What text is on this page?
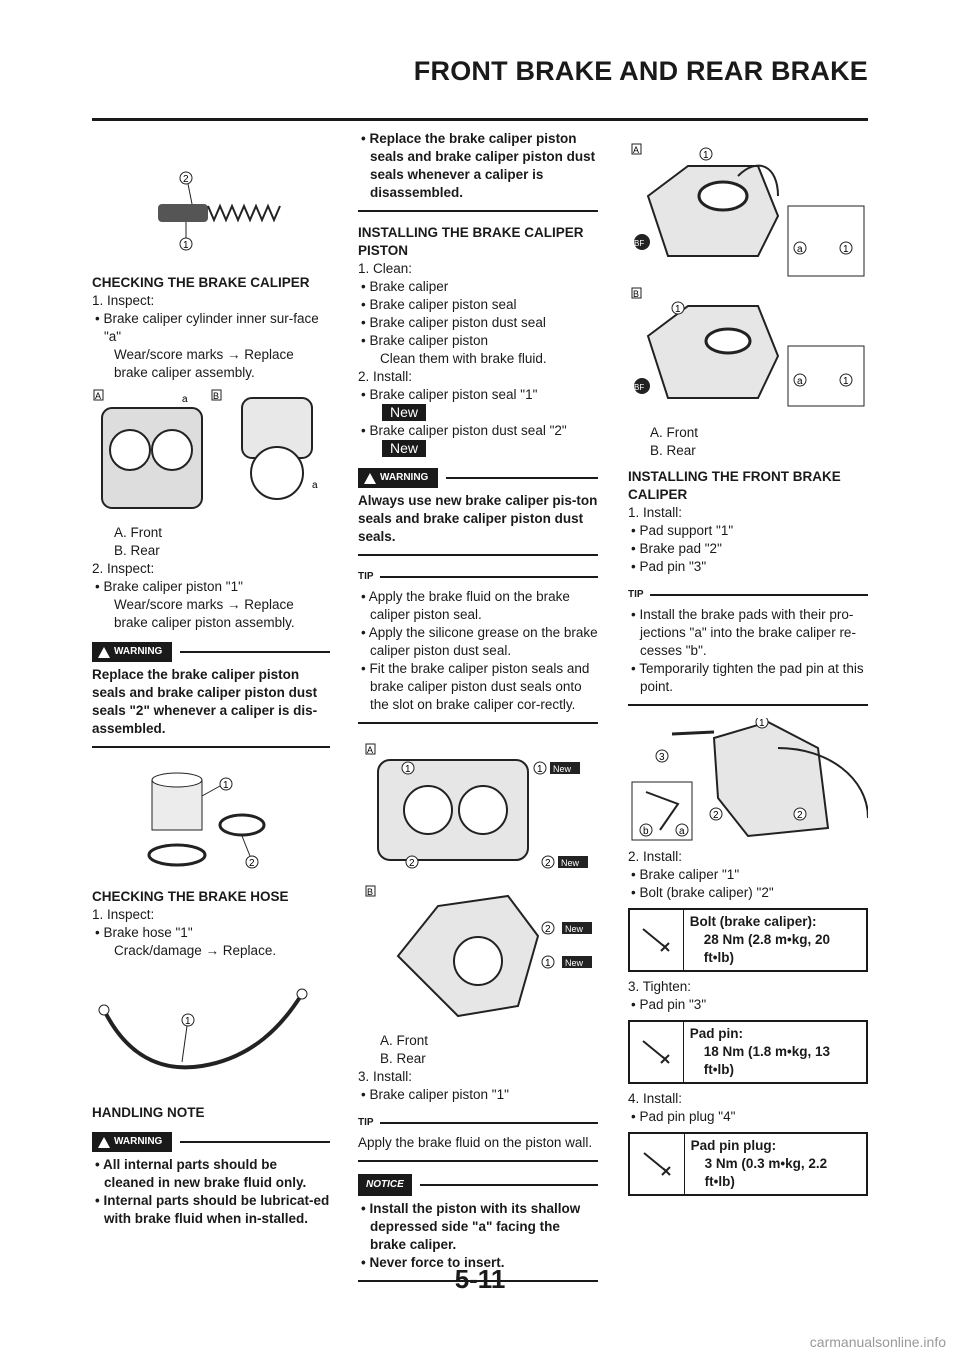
FRONT BRAKE AND REAR BRAKE
2
1
CHECKING THE BRAKE CALIPER
1. Inspect:
• Brake caliper cylinder inner sur-face "a"
Wear/score marks → Replace brake caliper assembly.
A	B
a
a
A. Front
B. Rear
2. Inspect:
• Brake caliper piston "1"
Wear/score marks → Replace brake caliper piston assembly.
WARNING
Replace the brake caliper piston seals and brake caliper piston dust seals "2" whenever a caliper is dis-assembled.
1
2
CHECKING THE BRAKE HOSE
1. Inspect:
• Brake hose "1"
Crack/damage → Replace.
1
HANDLING NOTE
WARNING
• All internal parts should be cleaned in new brake fluid only.
• Internal parts should be lubricat-ed with brake fluid when in-stalled.
• Replace the brake caliper piston seals and brake caliper piston dust seals whenever a caliper is disassembled.
INSTALLING THE BRAKE CALIPER PISTON
1. Clean:
• Brake caliper
• Brake caliper piston seal
• Brake caliper piston dust seal
• Brake caliper piston
Clean them with brake fluid.
2. Install:
• Brake caliper piston seal "1"
New
• Brake caliper piston dust seal "2"
New
WARNING
Always use new brake caliper pis-ton seals and brake caliper piston dust seals.
TIP
• Apply the brake fluid on the brake caliper piston seal.
• Apply the silicone grease on the brake caliper piston dust seal.
• Fit the brake caliper piston seals and brake caliper piston dust seals onto the slot on brake caliper cor-rectly.
A
1	1 New
2	2 New
B
2 New
1 New
A. Front
B. Rear
3. Install:
• Brake caliper piston "1"
TIP
Apply the brake fluid on the piston wall.
NOTICE
• Install the piston with its shallow depressed side "a" facing the brake caliper.
• Never force to insert.
A	1
a	1
BF
B
1
a	1
BF
A. Front
B. Rear
INSTALLING THE FRONT BRAKE CALIPER
1. Install:
• Pad support "1"
• Brake pad "2"
• Pad pin "3"
TIP
• Install the brake pads with their pro-jections "a" into the brake caliper re-cesses "b".
• Temporarily tighten the pad pin at this point.
1
3
b	a
2	2
2. Install:
• Brake caliper "1"
• Bolt (brake caliper) "2"
Bolt (brake caliper):
28 Nm (2.8 m•kg, 20 ft•lb)
3. Tighten:
• Pad pin "3"
Pad pin:
18 Nm (1.8 m•kg, 13 ft•lb)
4. Install:
• Pad pin plug "4"
Pad pin plug:
3 Nm (0.3 m•kg, 2.2 ft•lb)
5-11
carmanualsonline.info
